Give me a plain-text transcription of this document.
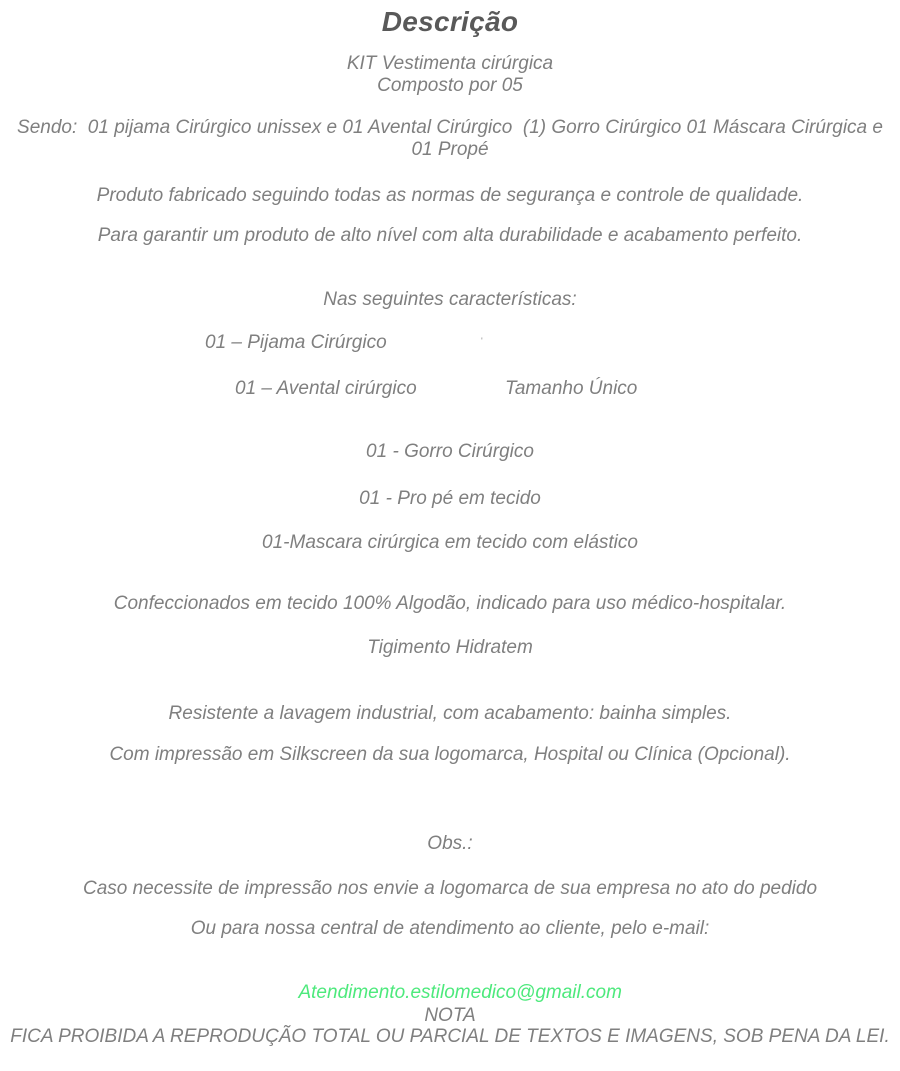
Descrição
KIT Vestimenta cirúrgica
Composto por 05
Sendo:  01 pijama Cirúrgico unissex e 01 Avental Cirúrgico  (1) Gorro Cirúrgico 01 Máscara Cirúrgica e
01 Propé
Produto fabricado seguindo todas as normas de segurança e controle de qualidade.
Para garantir um produto de alto nível com alta durabilidade e acabamento perfeito.
Nas seguintes características:
01 – Pijama Cirúrgico	'
01 – Avental cirúrgico	Tamanho Único
01 - Gorro Cirúrgico
01 - Pro pé em tecido
01-Mascara cirúrgica em tecido com elástico
Confeccionados em tecido 100% Algodão, indicado para uso médico-hospitalar.
Tigimento Hidratem
Resistente a lavagem industrial, com acabamento: bainha simples.
Com impressão em Silkscreen da sua logomarca, Hospital ou Clínica (Opcional).
Obs.:
Caso necessite de impressão nos envie a logomarca de sua empresa no ato do pedido
Ou para nossa central de atendimento ao cliente, pelo e-mail:

Atendimento.estilomedico@gmail.com

NOTA
FICA PROIBIDA A REPRODUÇÃO TOTAL OU PARCIAL DE TEXTOS E IMAGENS, SOB PENA DA LEI.
